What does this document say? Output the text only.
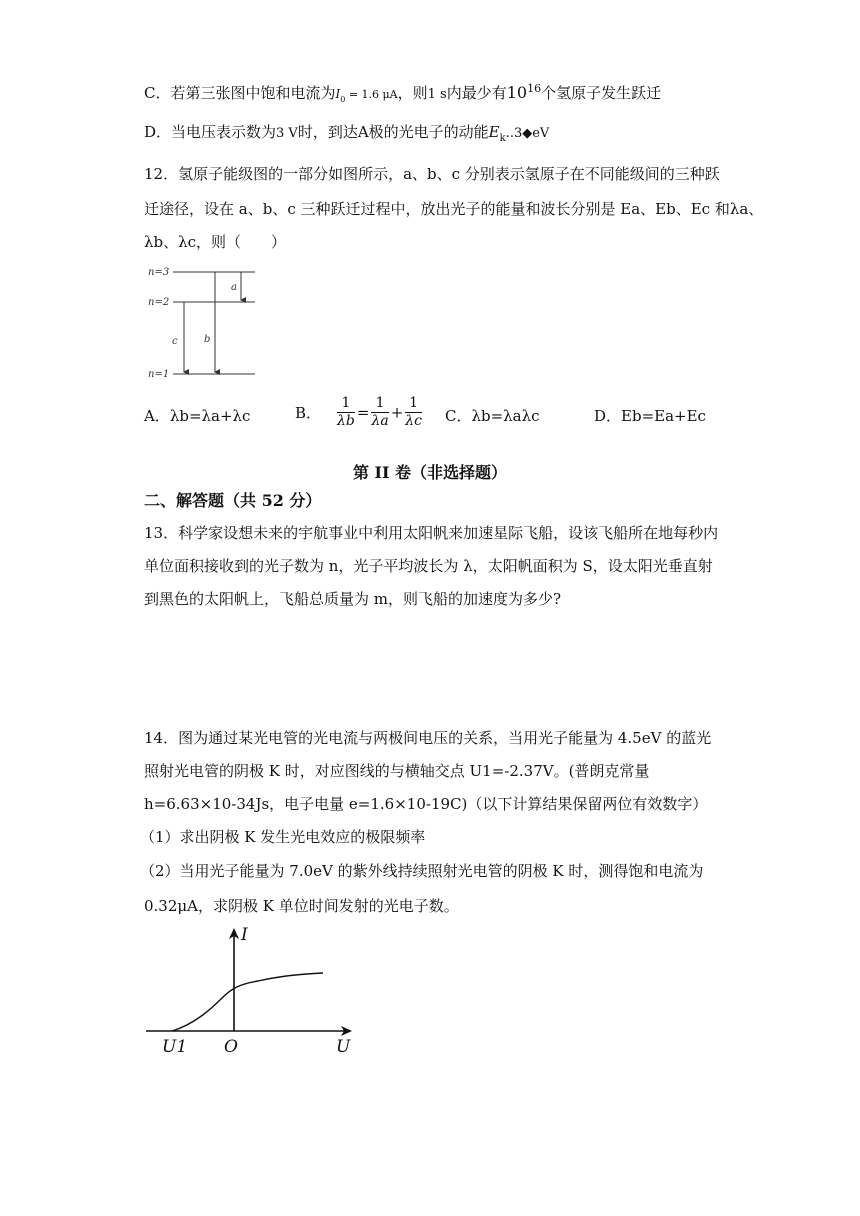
C．若第三张图中饱和电流为$I_0 = 1.6$ μA，则1 s内最少有$10^{16}$个氢原子发生跃迁
D．当电压表示数为3 V时，到达A极的光电子的动能$E_k..3◆eV$
12．氢原子能级图的一部分如图所示，a、b、c 分别表示氢原子在不同能级间的三种跃
迁途径，设在 a、b、c 三种跃迁过程中，放出光子的能量和波长分别是 Ea、Eb、Ec 和λa、
λb、λc，则（　　）
n=3
n=2
n=1
a
b
c
A．λb=λa+λc	B． $\frac{1}{\lambda b} = \frac{1}{\lambda a} + \frac{1}{\lambda c}$ C．λb=λaλc	D．Eb=Ea+Ec
第 II 卷（非选择题）
二、解答题（共 52 分）
13．科学家设想未来的宇航事业中利用太阳帆来加速星际飞船，设该飞船所在地每秒内
单位面积接收到的光子数为 n，光子平均波长为 λ，太阳帆面积为 S，设太阳光垂直射
到黑色的太阳帆上，飞船总质量为 m，则飞船的加速度为多少?
14．图为通过某光电管的光电流与两极间电压的关系，当用光子能量为 4.5eV 的蓝光
照射光电管的阴极 K 时，对应图线的与横轴交点 U1=-2.37V。(普朗克常量
h=6.63×10-34Js，电子电量 e=1.6×10-19C)（以下计算结果保留两位有效数字）
（1）求出阴极 K 发生光电效应的极限频率
（2）当用光子能量为 7.0eV 的紫外线持续照射光电管的阴极 K 时，测得饱和电流为
0.32μA，求阴极 K 单位时间发射的光电子数。
I
U
O
U1
